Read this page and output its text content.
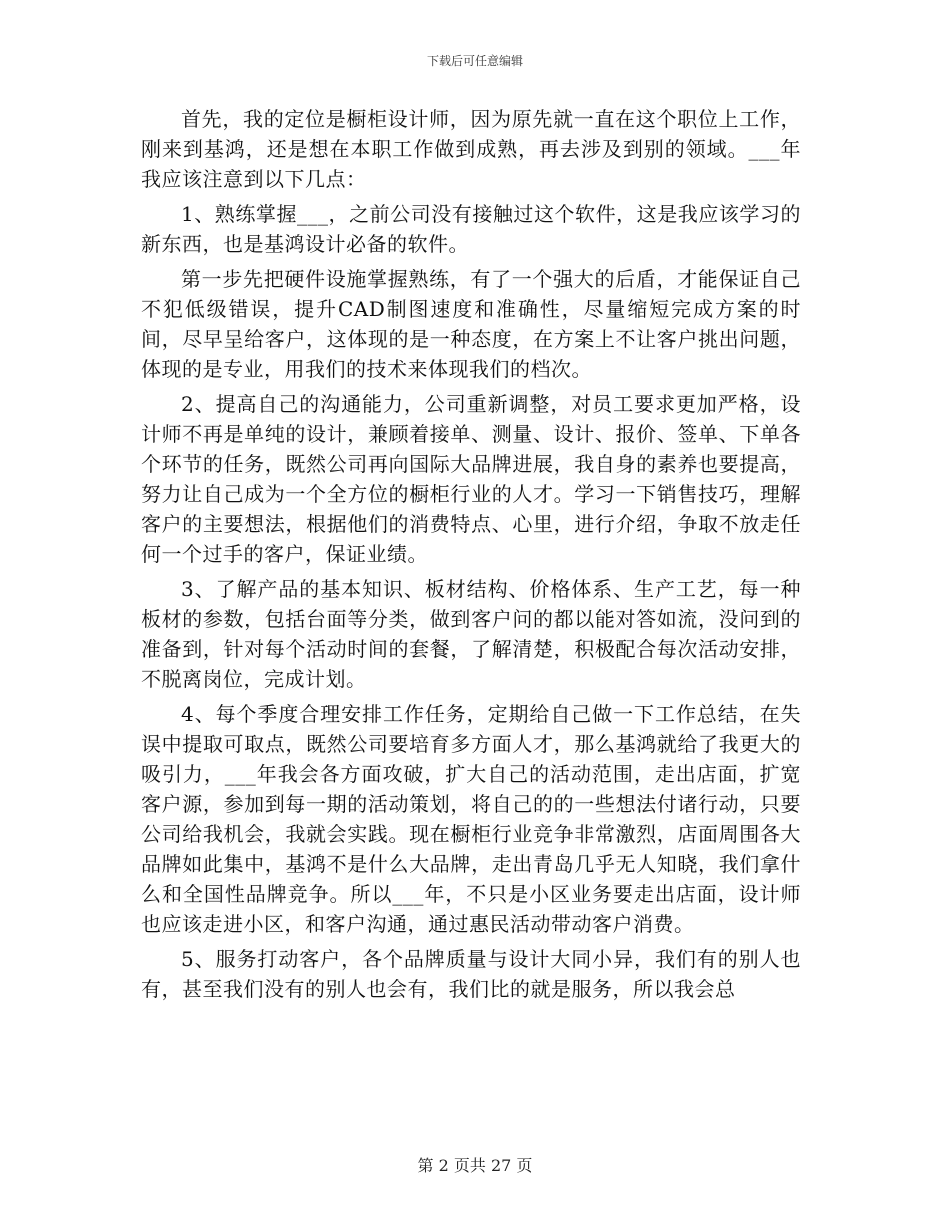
下载后可任意编辑

首先，我的定位是橱柜设计师，因为原先就一直在这个职位上工作，刚来到基鸿，还是想在本职工作做到成熟，再去涉及到别的领域。___年我应该注意到以下几点：

1、熟练掌握___，之前公司没有接触过这个软件，这是我应该学习的新东西，也是基鸿设计必备的软件。

第一步先把硬件设施掌握熟练，有了一个强大的后盾，才能保证自己不犯低级错误，提升CAD制图速度和准确性，尽量缩短完成方案的时间，尽早呈给客户，这体现的是一种态度，在方案上不让客户挑出问题，体现的是专业，用我们的技术来体现我们的档次。

2、提高自己的沟通能力，公司重新调整，对员工要求更加严格，设计师不再是单纯的设计，兼顾着接单、测量、设计、报价、签单、下单各个环节的任务，既然公司再向国际大品牌进展，我自身的素养也要提高，努力让自己成为一个全方位的橱柜行业的人才。学习一下销售技巧，理解客户的主要想法，根据他们的消费特点、心里，进行介绍，争取不放走任何一个过手的客户，保证业绩。

3、了解产品的基本知识、板材结构、价格体系、生产工艺，每一种板材的参数，包括台面等分类，做到客户问的都以能对答如流，没问到的准备到，针对每个活动时间的套餐，了解清楚，积极配合每次活动安排，不脱离岗位，完成计划。

4、每个季度合理安排工作任务，定期给自己做一下工作总结，在失误中提取可取点，既然公司要培育多方面人才，那么基鸿就给了我更大的吸引力，___年我会各方面攻破，扩大自己的活动范围，走出店面，扩宽客户源，参加到每一期的活动策划，将自己的的一些想法付诸行动，只要公司给我机会，我就会实践。现在橱柜行业竞争非常激烈，店面周围各大品牌如此集中，基鸿不是什么大品牌，走出青岛几乎无人知晓，我们拿什么和全国性品牌竞争。所以___年，不只是小区业务要走出店面，设计师也应该走进小区，和客户沟通，通过惠民活动带动客户消费。

5、服务打动客户，各个品牌质量与设计大同小异，我们有的别人也有，甚至我们没有的别人也会有，我们比的就是服务，所以我会总

第 2 页共 27 页
